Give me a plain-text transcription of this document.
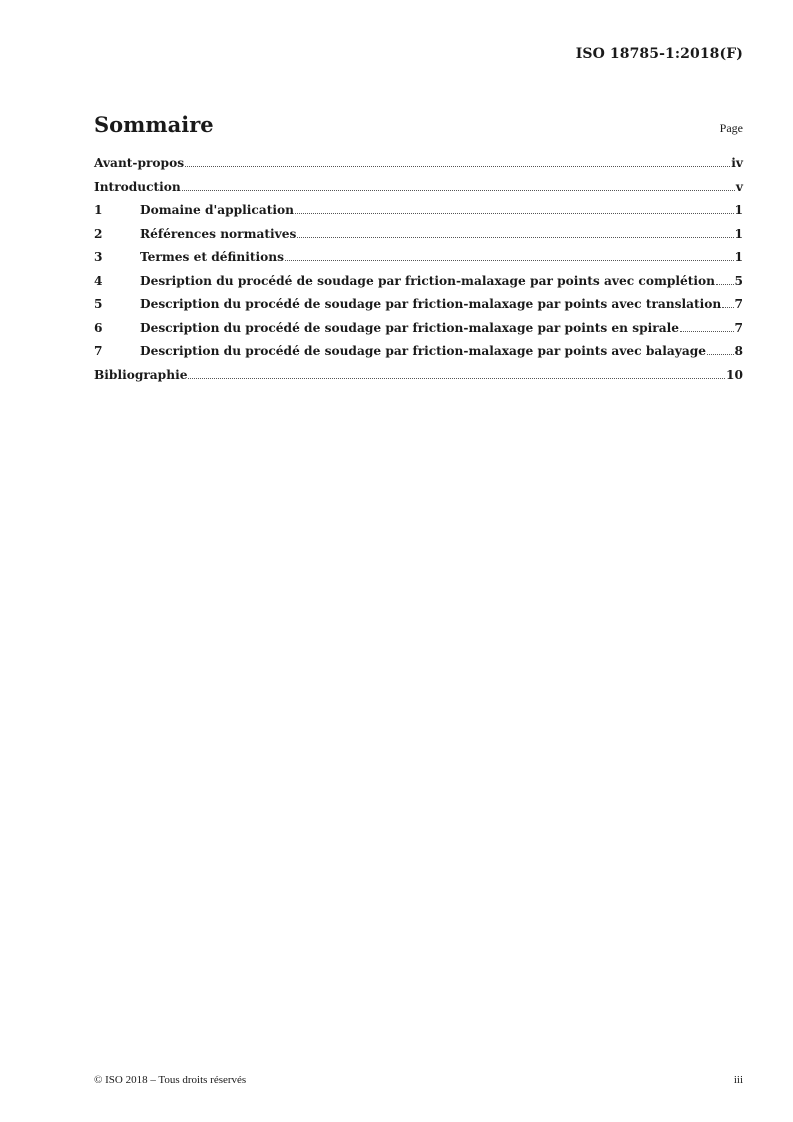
ISO 18785-1:2018(F)
Sommaire	Page
Avant-propos	iv
Introduction	v
1	Domaine d'application	1
2	Références normatives	1
3	Termes et définitions	1
4	Desription du procédé de soudage par friction-malaxage par points avec complétion 5
5	Description du procédé de soudage par friction-malaxage par points avec translation 7
6	Description du procédé de soudage par friction-malaxage par points en spirale	7
7	Description du procédé de soudage par friction-malaxage par points avec balayage 8
Bibliographie	10
© ISO 2018 – Tous droits réservés	iii
